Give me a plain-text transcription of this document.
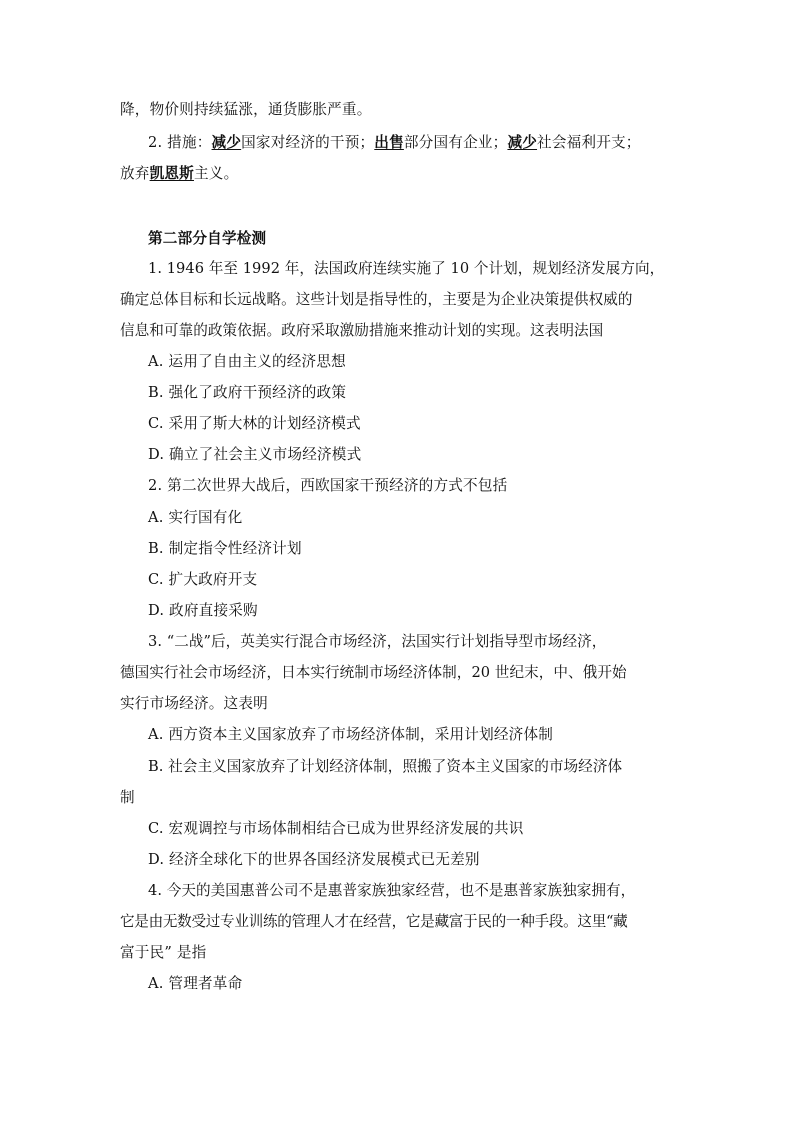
降，物价则持续猛涨，通货膨胀严重。
2. 措施：减少国家对经济的干预；出售部分国有企业；减少社会福利开支；
放弃凯恩斯主义。
第二部分自学检测
1. 1946 年至 1992 年，法国政府连续实施了 10 个计划，规划经济发展方向，
确定总体目标和长远战略。这些计划是指导性的，主要是为企业决策提供权威的
信息和可靠的政策依据。政府采取激励措施来推动计划的实现。这表明法国
A. 运用了自由主义的经济思想
B. 强化了政府干预经济的政策
C. 采用了斯大林的计划经济模式
D. 确立了社会主义市场经济模式
2. 第二次世界大战后，西欧国家干预经济的方式不包括
A. 实行国有化
B. 制定指令性经济计划
C. 扩大政府开支
D. 政府直接采购
3. “二战”后，英美实行混合市场经济，法国实行计划指导型市场经济，
德国实行社会市场经济，日本实行统制市场经济体制，20 世纪末，中、俄开始
实行市场经济。这表明
A. 西方资本主义国家放弃了市场经济体制，采用计划经济体制
B. 社会主义国家放弃了计划经济体制，照搬了资本主义国家的市场经济体
制
C. 宏观调控与市场体制相结合已成为世界经济发展的共识
D. 经济全球化下的世界各国经济发展模式已无差别
4. 今天的美国惠普公司不是惠普家族独家经营，也不是惠普家族独家拥有，
它是由无数受过专业训练的管理人才在经营，它是藏富于民的一种手段。这里“藏
富于民” 是指
A. 管理者革命
